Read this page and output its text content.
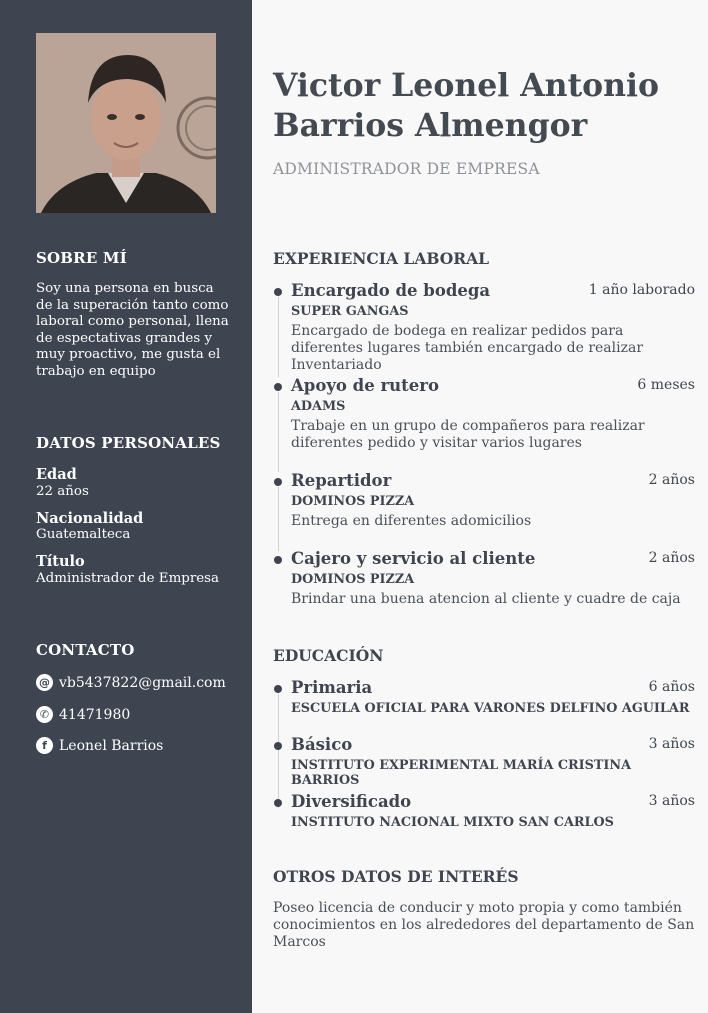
SOBRE MÍ
Soy una persona en busca de la superación tanto como laboral como personal, llena de espectativas grandes y muy proactivo, me gusta el trabajo en equipo
DATOS PERSONALES
Edad
22 años
Nacionalidad
Guatemalteca
Título
Administrador de Empresa
CONTACTO
@ vb5437822@gmail.com
✆ 41471980
f Leonel Barrios
Victor Leonel Antonio Barrios Almengor
ADMINISTRADOR DE EMPRESA
EXPERIENCIA LABORAL
Encargado de bodega	1 año laborado
SUPER GANGAS
Encargado de bodega en realizar pedidos para diferentes lugares también encargado de realizar Inventariado
Apoyo de rutero	6 meses
ADAMS
Trabaje en un grupo de compañeros para realizar diferentes pedido y visitar varios lugares
Repartidor	2 años
DOMINOS PIZZA
Entrega en diferentes adomicilios
Cajero y servicio al cliente	2 años
DOMINOS PIZZA
Brindar una buena atencion al cliente y cuadre de caja
EDUCACIÓN
Primaria	6 años
ESCUELA OFICIAL PARA VARONES DELFINO AGUILAR
Básico	3 años
INSTITUTO EXPERIMENTAL MARÍA CRISTINA BARRIOS
Diversificado	3 años
INSTITUTO NACIONAL MIXTO SAN CARLOS
OTROS DATOS DE INTERÉS
Poseo licencia de conducir y moto propia y como también conocimientos en los alrededores del departamento de San Marcos
